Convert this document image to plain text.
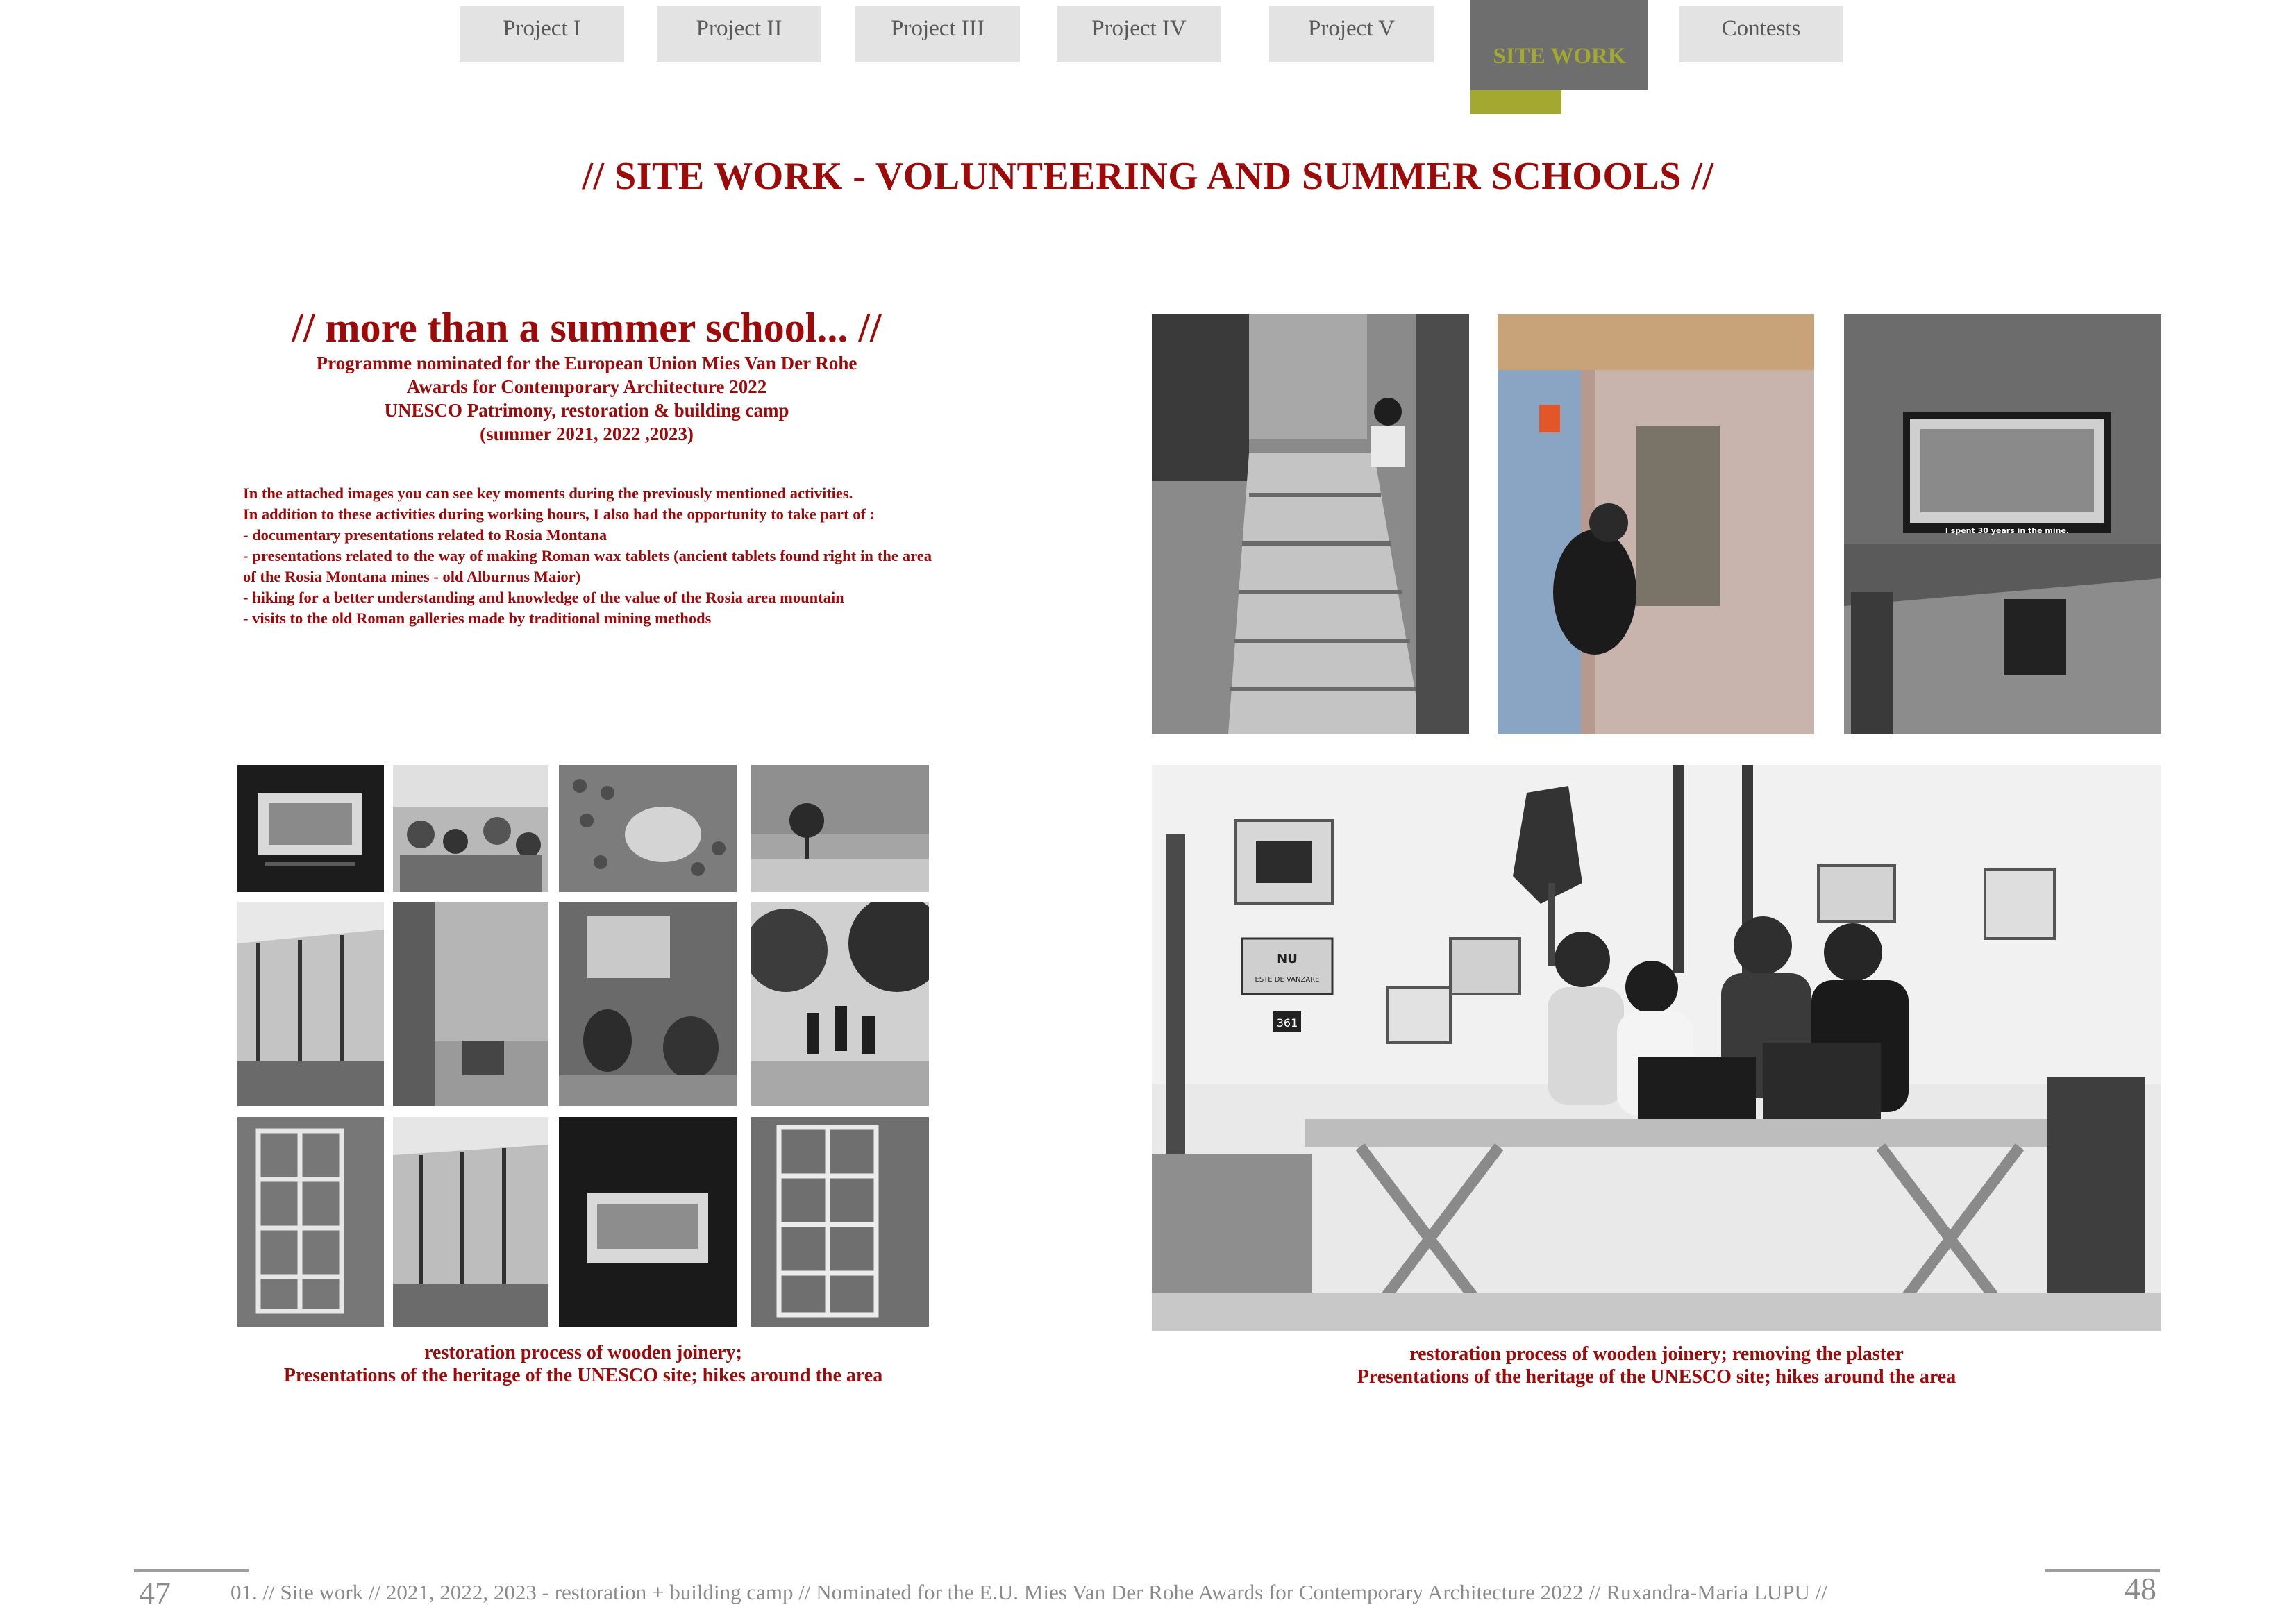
Project I	Project II	Project III	Project IV	Project V
SITE WORK
Contests
// SITE WORK - VOLUNTEERING AND SUMMER SCHOOLS //
// more than a summer school... //
Programme nominated for the European Union Mies Van Der Rohe
Awards for Contemporary Architecture 2022
UNESCO Patrimony, restoration & building camp
(summer 2021, 2022 ,2023)
In the attached images you can see key moments during the previously mentioned activities.
In addition to these activities during working hours, I also had the opportunity to take part of :
- documentary presentations related to Rosia Montana
- presentations related to the way of making Roman wax tablets (ancient tablets found right in the area of the Rosia Montana mines - old Alburnus Maior)
- hiking for a better understanding and knowledge of the value of the Rosia area mountain
- visits to the old Roman galleries made by traditional mining methods
restoration process of wooden joinery;
Presentations of the heritage of the UNESCO site; hikes around the area
I spent 30 years in the mine.
NU
ESTE DE VANZARE
361
restoration process of wooden joinery; removing the plaster
Presentations of the heritage of the UNESCO site; hikes around the area
47	48
01. // Site work // 2021, 2022, 2023 - restoration + building camp // Nominated for the E.U. Mies Van Der Rohe Awards for Contemporary Architecture 2022 // Ruxandra-Maria LUPU //
